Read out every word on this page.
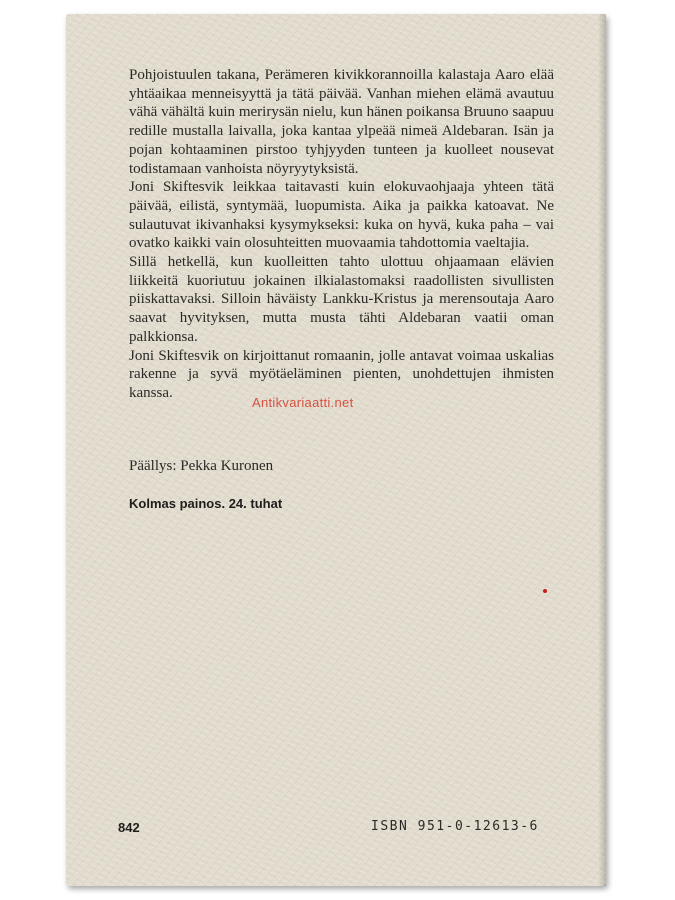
Pohjoistuulen takana, Perämeren kivikkorannoilla kalastaja Aaro elää yhtäaikaa menneisyyttä ja tätä päivää. Vanhan miehen elämä avautuu vähä vähältä kuin merirysän nielu, kun hänen poikansa Bruuno saapuu redille mustalla laivalla, joka kantaa ylpeää nimeä Aldebaran. Isän ja pojan kohtaaminen pirstoo tyhjyyden tunteen ja kuolleet nousevat todistamaan vanhoista nöyryytyksistä.

Joni Skiftesvik leikkaa taitavasti kuin elokuvaohjaaja yhteen tätä päivää, eilistä, syntymää, luopumista. Aika ja paikka katoavat. Ne sulautuvat ikivanhaksi kysymykseksi: kuka on hyvä, kuka paha – vai ovatko kaikki vain olosuhteitten muovaamia tahdottomia vaeltajia.

Sillä hetkellä, kun kuolleitten tahto ulottuu ohjaamaan elävien liikkeitä kuoriutuu jokainen ilkialastomaksi raadollisten sivullisten piiskattavaksi. Silloin häväisty Lankku-Kristus ja merensoutaja Aaro saavat hyvityksen, mutta musta tähti Aldebaran vaatii oman palkkionsa.

Joni Skiftesvik on kirjoittanut romaanin, jolle antavat voimaa uskalias rakenne ja syvä myötäeläminen pienten, unohdettujen ihmisten kanssa.

Antikvariaatti.net
Päällys: Pekka Kuronen
Kolmas painos. 24. tuhat
842	ISBN 951-0-12613-6
